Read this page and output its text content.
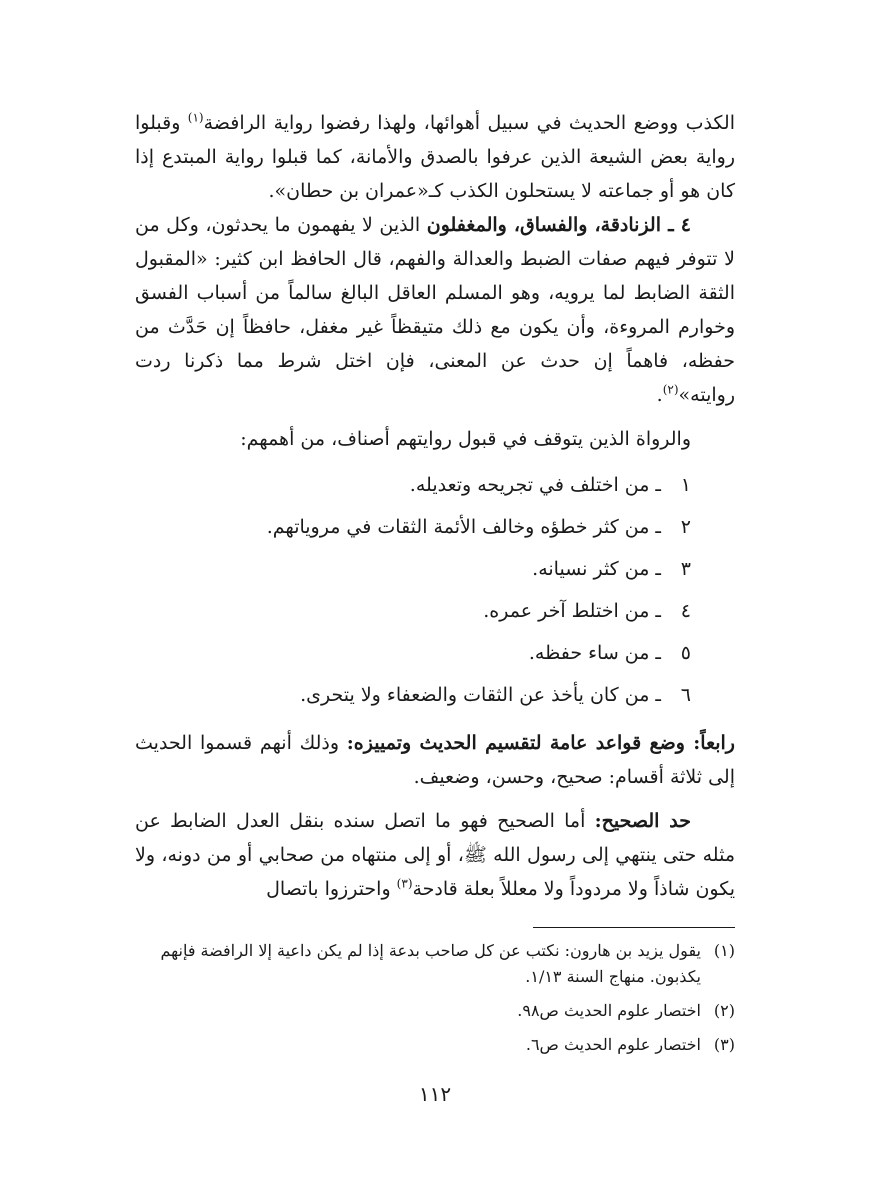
الكذب ووضع الحديث في سبيل أهوائها، ولهذا رفضوا رواية الرافضة$^{(١)}$ وقبلوا رواية بعض الشيعة الذين عرفوا بالصدق والأمانة، كما قبلوا رواية المبتدع إذا كان هو أو جماعته لا يستحلون الكذب كـ«عمران بن حطان».

٤ ـ الزنادقة، والفساق، والمغفلون الذين لا يفهمون ما يحدثون، وكل من لا تتوفر فيهم صفات الضبط والعدالة والفهم، قال الحافظ ابن كثير: «المقبول الثقة الضابط لما يرويه، وهو المسلم العاقل البالغ سالماً من أسباب الفسق وخوارم المروءة، وأن يكون مع ذلك متيقظاً غير مغفل، حافظاً إن حَدَّث من حفظه، فاهماً إن حدث عن المعنى، فإن اختل شرط مما ذكرنا ردت روايته»$^{(٢)}$.

والرواة الذين يتوقف في قبول روايتهم أصناف، من أهمهم:

١ـمن اختلف في تجريحه وتعديله.
٢ـمن كثر خطؤه وخالف الأئمة الثقات في مروياتهم.
٣ـمن كثر نسيانه.
٤ـمن اختلط آخر عمره.
٥ـمن ساء حفظه.
٦ـمن كان يأخذ عن الثقات والضعفاء ولا يتحرى.

رابعاً: وضع قواعد عامة لتقسيم الحديث وتمييزه: وذلك أنهم قسموا الحديث إلى ثلاثة أقسام: صحيح، وحسن، وضعيف.

حد الصحيح: أما الصحيح فهو ما اتصل سنده بنقل العدل الضابط عن مثله حتى ينتهي إلى رسول الله ﷺ، أو إلى منتهاه من صحابي أو من دونه، ولا يكون شاذاً ولا مردوداً ولا معللاً بعلة قادحة$^{(٣)}$ واحترزوا باتصال

(١)يقول يزيد بن هارون: نكتب عن كل صاحب بدعة إذا لم يكن داعية إلا الرافضة فإنهم يكذبون. منهاج السنة ١/١٣.

(٢)اختصار علوم الحديث ص٩٨.

(٣)اختصار علوم الحديث ص٦.

١١٢
